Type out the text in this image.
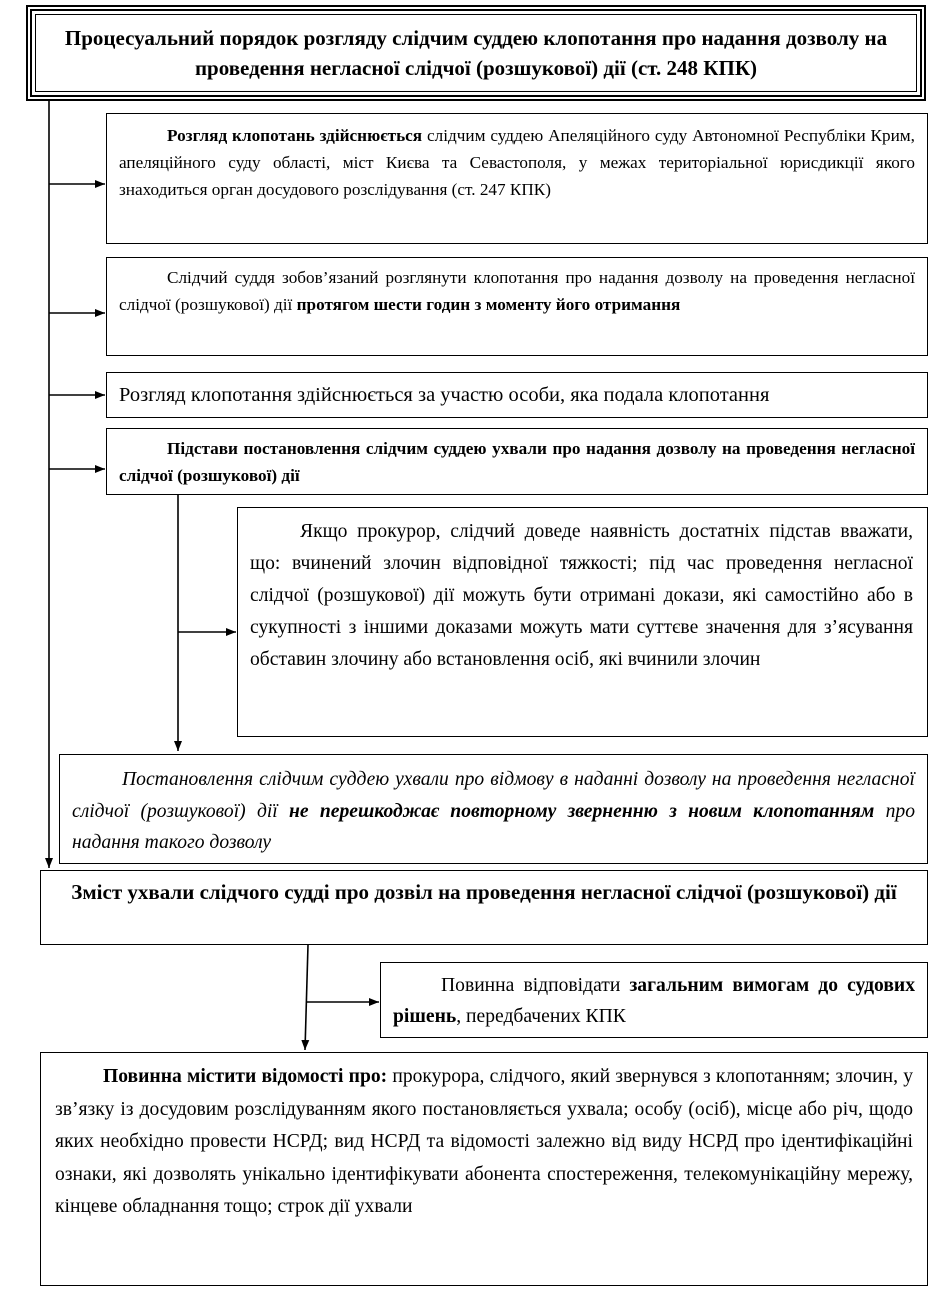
Процесуальний порядок розгляду слідчим суддею клопотання про надання дозволу на проведення негласної слідчої (розшукової) дії (ст. 248 КПК)
Розгляд клопотань здійснюється слідчим суддею Апеляційного суду Автономної Республіки Крим, апеляційного суду області, міст Києва та Севастополя, у межах територіальної юрисдикції якого знаходиться орган досудового розслідування (ст. 247 КПК)
Слідчий суддя зобов’язаний розглянути клопотання про надання дозволу на проведення негласної слідчої (розшукової) дії протягом шести годин з моменту його отримання
Розгляд клопотання здійснюється за участю особи, яка подала клопотання
Підстави постановлення слідчим суддею ухвали про надання дозволу на проведення негласної слідчої (розшукової) дії
Якщо прокурор, слідчий доведе наявність достатніх підстав вважати, що: вчинений злочин відповідної тяжкості; під час проведення негласної слідчої (розшукової) дії можуть бути отримані докази, які самостійно або в сукупності з іншими доказами можуть мати суттєве значення для з’ясування обставин злочину або встановлення осіб, які вчинили злочин
Постановлення слідчим суддею ухвали про відмову в наданні дозволу на проведення негласної слідчої (розшукової) дії не перешкоджає повторному зверненню з новим клопотанням про надання такого дозволу
Зміст ухвали слідчого судді про дозвіл на проведення негласної слідчої (розшукової) дії
Повинна відповідати загальним вимогам до судових рішень, передбачених КПК
Повинна містити відомості про: прокурора, слідчого, який звернувся з клопотанням; злочин, у зв’язку із досудовим розслідуванням якого постановляється ухвала; особу (осіб), місце або річ, щодо яких необхідно провести НСРД; вид НСРД та відомості залежно від виду НСРД про ідентифікаційні ознаки, які дозволять унікально ідентифікувати абонента спостереження, телекомунікаційну мережу, кінцеве обладнання тощо; строк дії ухвали
